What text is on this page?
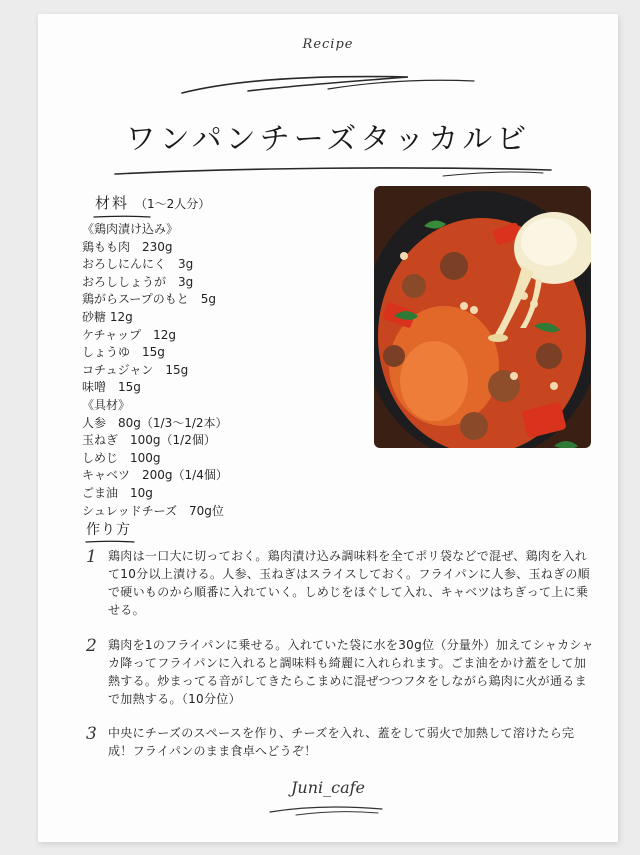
Recipe
ワンパンチーズタッカルビ
材料 （1〜2人分）
《鶏肉漬け込み》
鶏もも肉　230g
おろしにんにく　3g
おろししょうが　3g
鶏がらスープのもと　5g
砂糖 12g
ケチャップ　12g
しょうゆ　15g
コチュジャン　15g
味噌　15g
《具材》
人参　80g（1/3〜1/2本）
玉ねぎ　100g（1/2個）
しめじ　100g
キャベツ　200g（1/4個）
ごま油　10g
シュレッドチーズ　70g位
作り方
1 鶏肉は一口大に切っておく。鶏肉漬け込み調味料を全てポリ袋などで混ぜ、鶏肉を入れて10分以上漬ける。人参、玉ねぎはスライスしておく。フライパンに人参、玉ねぎの順で硬いものから順番に入れていく。しめじをほぐして入れ、キャベツはちぎって上に乗せる。
2 鶏肉を1のフライパンに乗せる。入れていた袋に水を30g位（分量外）加えてシャカシャカ降ってフライパンに入れると調味料も綺麗に入れられます。ごま油をかけ蓋をして加熱する。炒まってる音がしてきたらこまめに混ぜつつフタをしながら鶏肉に火が通るまで加熱する。（10分位）
3 中央にチーズのスペースを作り、チーズを入れ、蓋をして弱火で加熱して溶けたら完成！フライパンのまま食卓へどうぞ！
Juni_cafe
